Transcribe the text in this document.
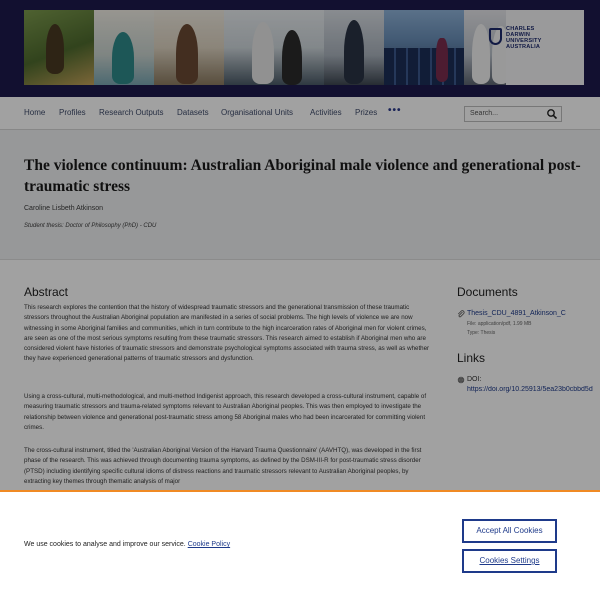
CHARLES
DARWIN
UNIVERSITY
AUSTRALIA
Home Profiles Research Outputs Datasets Organisational Units Activities Prizes •••	Search...
The violence continuum: Australian Aboriginal male violence and generational post-traumatic stress
Caroline Lisbeth Atkinson
Student thesis: Doctor of Philosophy (PhD) - CDU
Abstract

This research explores the contention that the history of widespread traumatic stressors and the generational transmission of these traumatic stressors throughout the Australian Aboriginal population are manifested in a series of social problems. The high levels of violence we are now witnessing in some Aboriginal families and communities, which in turn contribute to the high incarceration rates of Aboriginal men for violent crimes, are seen as one of the most serious symptoms resulting from these traumatic stressors. This research aimed to establish if Aboriginal men who are considered violent have histories of traumatic stressors and demonstrate psychological symptoms associated with trauma stress, as well as whether they have experienced generational patterns of traumatic stressors and dysfunction.

Using a cross-cultural, multi-methodological, and multi-method Indigenist approach, this research developed a cross-cultural instrument, capable of measuring traumatic stressors and trauma-related symptoms relevant to Australian Aboriginal peoples. This was then employed to investigate the relationship between violence and generational post-traumatic stress among 58 Aboriginal males who had been incarcerated for committing violent crimes.

The cross-cultural instrument, titled the 'Australian Aboriginal Version of the Harvard Trauma Questionnaire' (AAVHTQ), was developed in the first phase of the research. This was achieved through documenting trauma symptoms, as defined by the DSM-III-R for post-traumatic stress disorder (PTSD) including identifying specific cultural idioms of distress reactions and traumatic stressors relevant to Australian Aboriginal peoples, by extracting key themes through thematic analysis of major

Documents
Thesis_CDU_4891_Atkinson_C
File: application/pdf, 1.99 MB
Type: Thesis
Links
DOI:
https://doi.org/10.25913/5ea23b0cbbd5d
We use cookies to analyse and improve our service. Cookie Policy
Accept All Cookies
Cookies Settings
